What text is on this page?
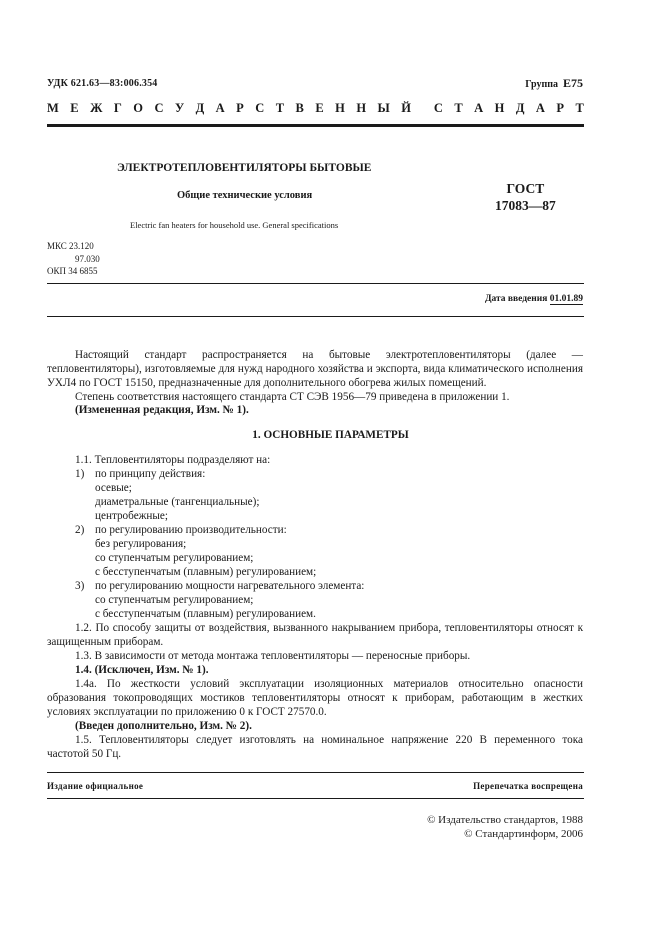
УДК 621.63—83:006.354	Группа Е75
М Е Ж Г О С У Д А Р С Т В Е Н Н Ы Й С Т А Н Д А Р Т
ЭЛЕКТРОТЕПЛОВЕНТИЛЯТОРЫ БЫТОВЫЕ
Общие технические условия	ГОСТ
17083—87
Electric fan heaters for household use. General specifications
МКС 23.120
97.030
ОКП 34 6855
Дата введения 01.01.89
Настоящий стандарт распространяется на бытовые электротепловентиляторы (далее — тепловентиляторы), изготовляемые для нужд народного хозяйства и экспорта, вида климатического исполнения УХЛ4 по ГОСТ 15150, предназначенные для дополнительного обогрева жилых помещений.
Степень соответствия настоящего стандарта СТ СЭВ 1956—79 приведена в приложении 1.
(Измененная редакция, Изм. № 1).
1. ОСНОВНЫЕ ПАРАМЕТРЫ
1.1. Тепловентиляторы подразделяют на:
1) по принципу действия:
осевые;
диаметральные (тангенциальные);
центробежные;
2) по регулированию производительности:
без регулирования;
со ступенчатым регулированием;
с бесступенчатым (плавным) регулированием;
3) по регулированию мощности нагревательного элемента:
со ступенчатым регулированием;
с бесступенчатым (плавным) регулированием.
1.2. По способу защиты от воздействия, вызванного накрыванием прибора, тепловентиляторы относят к защищенным приборам.
1.3. В зависимости от метода монтажа тепловентиляторы — переносные приборы.
1.4. (Исключен, Изм. № 1).
1.4а. По жесткости условий эксплуатации изоляционных материалов относительно опасности образования токопроводящих мостиков тепловентиляторы относят к приборам, работающим в жестких условиях эксплуатации по приложению 0 к ГОСТ 27570.0.
(Введен дополнительно, Изм. № 2).
1.5. Тепловентиляторы следует изготовлять на номинальное напряжение 220 В переменного тока частотой 50 Гц.
Издание официальное	Перепечатка воспрещена
© Издательство стандартов, 1988
© Стандартинформ, 2006
